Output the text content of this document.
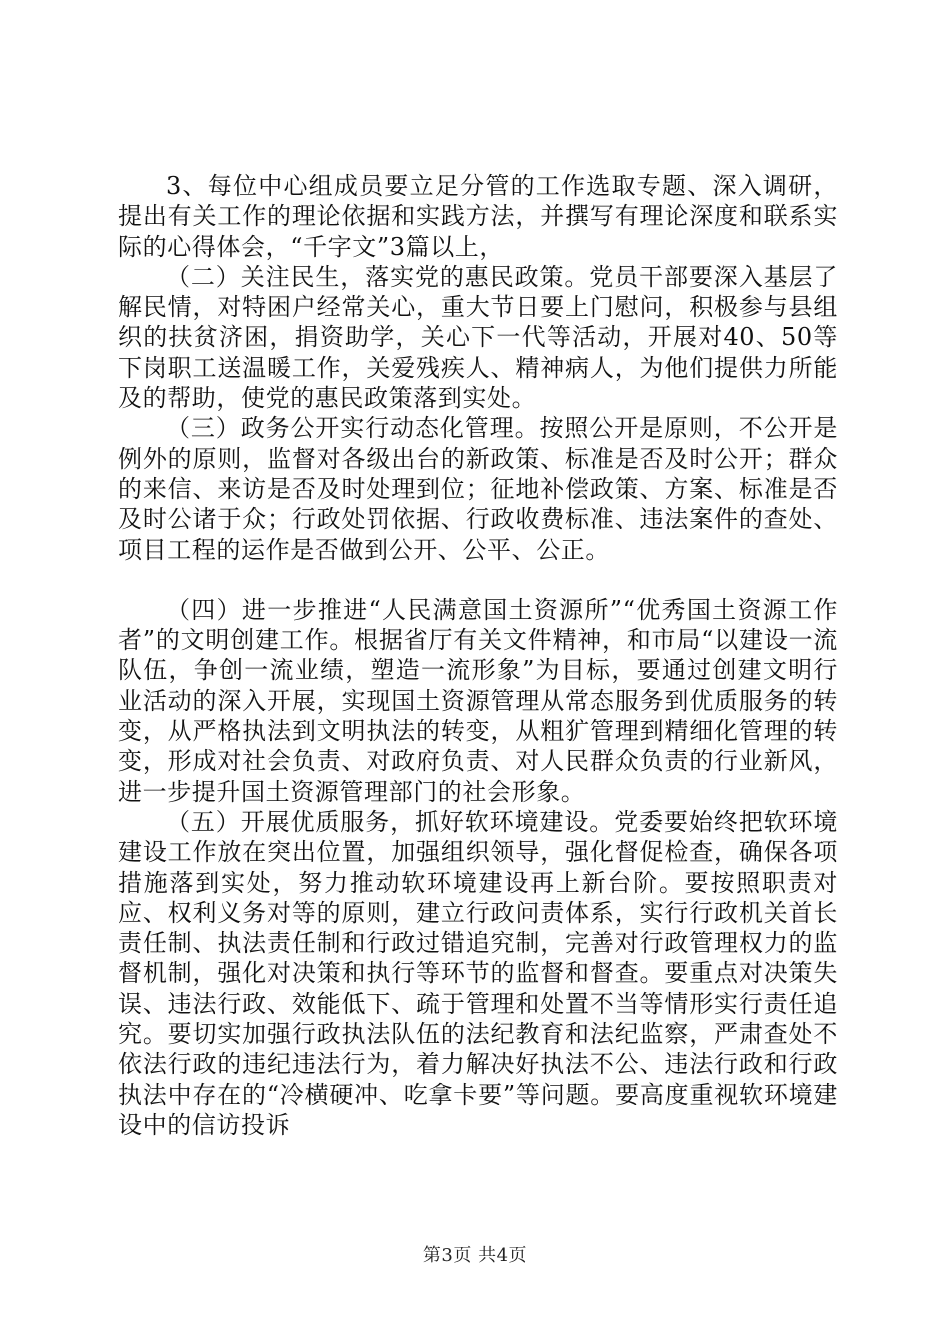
3、每位中心组成员要立足分管的工作选取专题、深入调研，提出有关工作的理论依据和实践方法，并撰写有理论深度和联系实际的心得体会，“千字文”3篇以上，

（二）关注民生，落实党的惠民政策。党员干部要深入基层了解民情，对特困户经常关心，重大节日要上门慰问，积极参与县组织的扶贫济困，捐资助学，关心下一代等活动，开展对40、50等下岗职工送温暖工作，关爱残疾人、精神病人，为他们提供力所能及的帮助，使党的惠民政策落到实处。

（三）政务公开实行动态化管理。按照公开是原则，不公开是例外的原则，监督对各级出台的新政策、标准是否及时公开；群众的来信、来访是否及时处理到位；征地补偿政策、方案、标准是否及时公诸于众；行政处罚依据、行政收费标准、违法案件的查处、项目工程的运作是否做到公开、公平、公正。

（四）进一步推进“人民满意国土资源所”“优秀国土资源工作者”的文明创建工作。根据省厅有关文件精神，和市局“以建设一流队伍，争创一流业绩，塑造一流形象”为目标，要通过创建文明行业活动的深入开展，实现国土资源管理从常态服务到优质服务的转变，从严格执法到文明执法的转变，从粗犷管理到精细化管理的转变，形成对社会负责、对政府负责、对人民群众负责的行业新风，进一步提升国土资源管理部门的社会形象。

（五）开展优质服务，抓好软环境建设。党委要始终把软环境建设工作放在突出位置，加强组织领导，强化督促检查，确保各项措施落到实处，努力推动软环境建设再上新台阶。要按照职责对应、权利义务对等的原则，建立行政问责体系，实行行政机关首长责任制、执法责任制和行政过错追究制，完善对行政管理权力的监督机制，强化对决策和执行等环节的监督和督查。要重点对决策失误、违法行政、效能低下、疏于管理和处置不当等情形实行责任追究。要切实加强行政执法队伍的法纪教育和法纪监察，严肃查处不依法行政的违纪违法行为，着力解决好执法不公、违法行政和行政执法中存在的“冷横硬冲、吃拿卡要”等问题。要高度重视软环境建设中的信访投诉

第3页 共4页
